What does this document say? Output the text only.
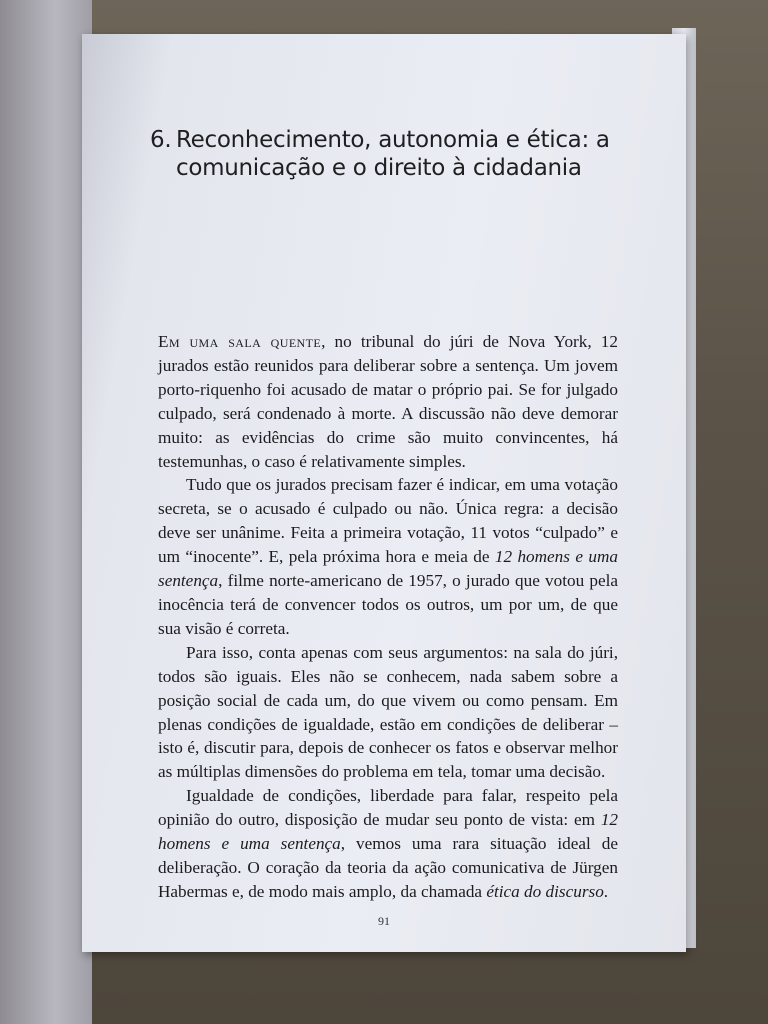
6. Reconhecimento, autonomia e ética: a
comunicação e o direito à cidadania

Em uma sala quente, no tribunal do júri de Nova York, 12 jurados estão reunidos para deliberar sobre a sentença. Um jovem porto-riquenho foi acusado de matar o próprio pai. Se for julgado culpado, será condenado à morte. A discussão não deve demorar muito: as evidências do crime são muito convincentes, há testemunhas, o caso é relativamente simples.

Tudo que os jurados precisam fazer é indicar, em uma votação secreta, se o acusado é culpado ou não. Única regra: a decisão deve ser unânime. Feita a primeira votação, 11 votos “culpado” e um “inocente”. E, pela próxima hora e meia de 12 homens e uma sentença, filme norte-americano de 1957, o jurado que votou pela inocência terá de convencer todos os outros, um por um, de que sua visão é correta.

Para isso, conta apenas com seus argumentos: na sala do júri, todos são iguais. Eles não se conhecem, nada sabem sobre a posição social de cada um, do que vivem ou como pensam. Em plenas condições de igualdade, estão em condições de deliberar – isto é, discutir para, depois de conhecer os fatos e observar melhor as múltiplas dimensões do problema em tela, tomar uma decisão.

Igualdade de condições, liberdade para falar, respeito pela opinião do outro, disposição de mudar seu ponto de vista: em 12 homens e uma sentença, vemos uma rara situação ideal de deliberação. O coração da teoria da ação comunicativa de Jürgen Habermas e, de modo mais amplo, da chamada ética do discurso.

91
